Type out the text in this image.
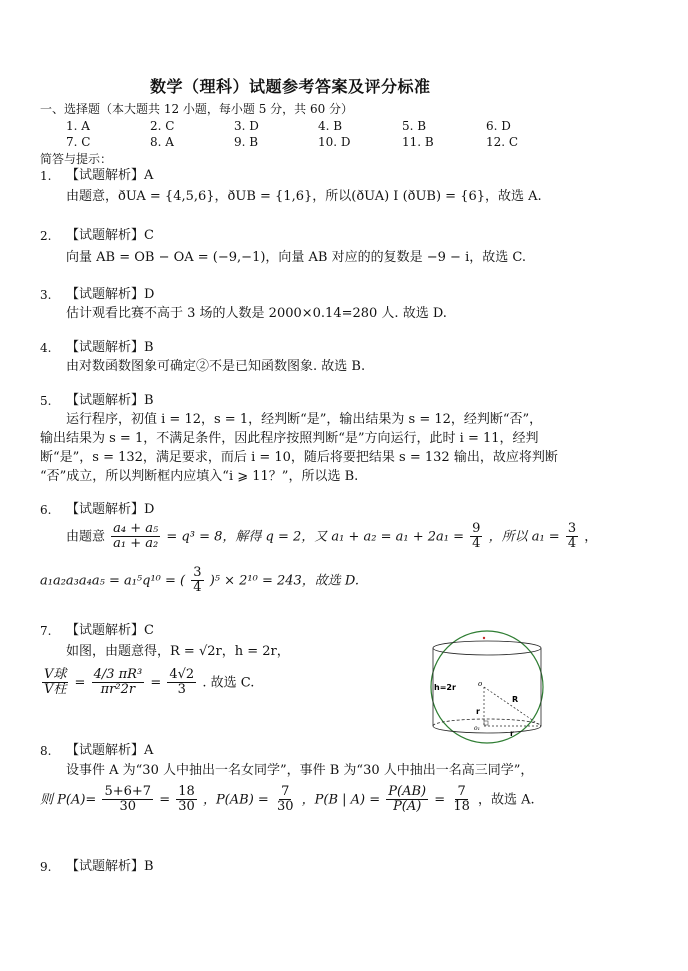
数学（理科）试题参考答案及评分标准
一、选择题（本大题共 12 小题，每小题 5 分，共 60 分）
1. A	2. C	3. D	4. B	5. B	6. D
7. C	8. A	9. B	10. D	11. B	12. C
简答与提示：
1. 【试题解析】A
由题意，ðUA = {4,5,6}，ðUB = {1,6}，所以(ðUA) I (ðUB) = {6}，故选 A.
2. 【试题解析】C
向量 AB = OB − OA = (−9,−1)，向量 AB 对应的的复数是 −9 − i，故选 C.
3. 【试题解析】D
估计观看比赛不高于 3 场的人数是 2000×0.14=280 人. 故选 D.
4. 【试题解析】B
由对数函数图象可确定②不是已知函数图象. 故选 B.
5. 【试题解析】B
运行程序，初值 i = 12，s = 1，经判断“是”，输出结果为 s = 12，经判断“否”，
输出结果为 s = 1，不满足条件，因此程序按照判断“是”方向运行，此时 i = 11，经判
断“是”，s = 132，满足要求，而后 i = 10，随后将要把结果 s = 132 输出，故应将判断
“否”成立，所以判断框内应填入“i ⩾ 11？”，所以选 B.
6. 【试题解析】D
由题意 $\frac{\text{a₄ + a₅}}{\text{a₁ + a₂}} = q^3 = 8$，解得 q = 2，又 $a_1 + a_2 = a_1 + 2a_1 = \frac{9}{4}$ ，所以 $a_1 = \frac{3}{4}$ ，
a₁a₂a₃a₄a₅ = a₁⁵q¹⁰ = ( $\frac{3}{4} )^5 \times 2^{10} = 243$，故选 D.
7. 【试题解析】C
如图，由题意得，R = √2r，h = 2r，
$\frac{\text{V球}}{\text{V柱}} = \frac{\text{4/3 πR³}}{\text{πr²2r}} = \frac{4√2}{3}$ . 故选 C.	h=2r	o
R
r
r
o₁
8. 【试题解析】A
设事件 A 为“30 人中抽出一名女同学”，事件 B 为“30 人中抽出一名高三同学”，
则 $P(A)= \frac{5+6+7}{30} = \frac{18}{30}$ ，$P(AB) = \frac{7}{30}$ ，P(B | $A) = \frac{P(AB)}{P(A)} = \frac{7}{18}$ ，故选 A.
9. 【试题解析】B
